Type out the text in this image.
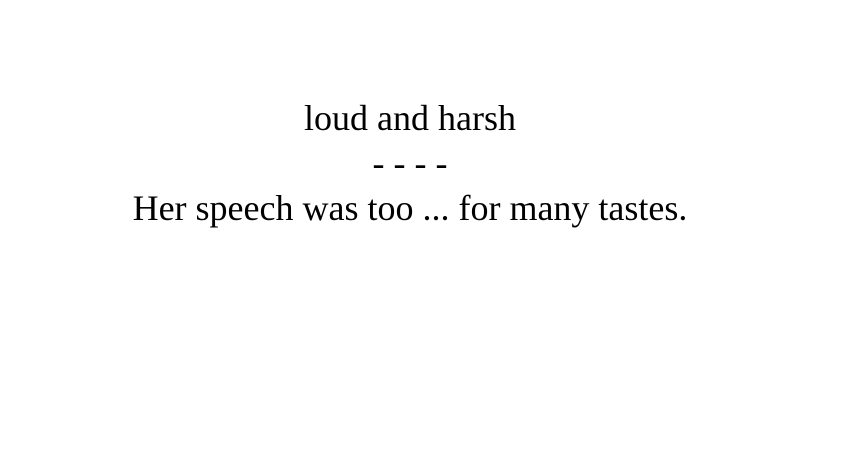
loud and harsh
- - - -
Her speech was too ... for many tastes.
